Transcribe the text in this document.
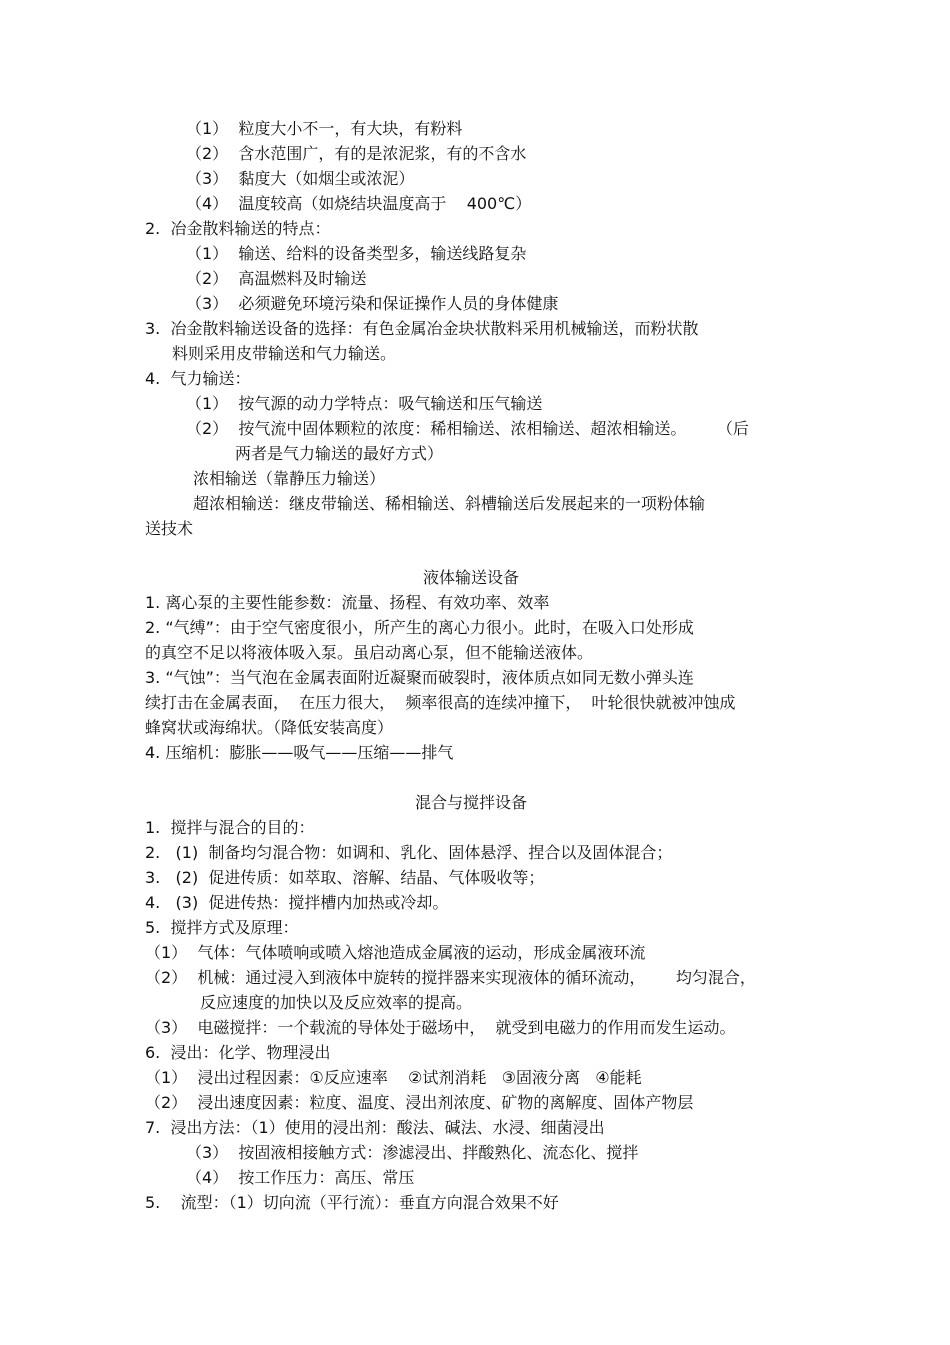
（1）  粒度大小不一，有大块，有粉料
（2）  含水范围广，有的是浓泥浆，有的不含水
（3）  黏度大（如烟尘或浓泥）
（4）  温度较高（如烧结块温度高于    400℃）
2.  冶金散料输送的特点：
（1）  输送、给料的设备类型多，输送线路复杂
（2）  高温燃料及时输送
（3）  必须避免环境污染和保证操作人员的身体健康
3.  冶金散料输送设备的选择：有色金属冶金块状散料采用机械输送，而粉状散
料则采用皮带输送和气力输送。
4.  气力输送：
（1）  按气源的动力学特点：吸气输送和压气输送
（2）  按气流中固体颗粒的浓度：稀相输送、浓相输送、超浓相输送。      （后
两者是气力输送的最好方式）
浓相输送（靠静压力输送）
超浓相输送：继皮带输送、稀相输送、斜槽输送后发展起来的一项粉体输
送技术
液体输送设备
1. 离心泵的主要性能参数：流量、扬程、有效功率、效率
2. “气缚”：由于空气密度很小，所产生的离心力很小。此时，在吸入口处形成
的真空不足以将液体吸入泵。虽启动离心泵，但不能输送液体。
3. “气蚀”：当气泡在金属表面附近凝聚而破裂时，液体质点如同无数小弹头连
续打击在金属表面，  在压力很大，  频率很高的连续冲撞下，  叶轮很快就被冲蚀成
蜂窝状或海绵状。（降低安装高度）
4. 压缩机：膨胀——吸气——压缩——排气
混合与搅拌设备
1.  搅拌与混合的目的：
2.   (1)  制备均匀混合物：如调和、乳化、固体悬浮、捏合以及固体混合；
3.   (2)  促进传质：如萃取、溶解、结晶、气体吸收等；
4.   (3)  促进传热：搅拌槽内加热或冷却。
5.  搅拌方式及原理：
（1）  气体：气体喷响或喷入熔池造成金属液的运动，形成金属液环流
（2）  机械：通过浸入到液体中旋转的搅拌器来实现液体的循环流动，      均匀混合，
反应速度的加快以及反应效率的提高。
（3）  电磁搅拌：一个载流的导体处于磁场中，  就受到电磁力的作用而发生运动。
6.  浸出：化学、物理浸出
（1）  浸出过程因素：①反应速率    ②试剂消耗   ③固液分离   ④能耗
（2）  浸出速度因素：粒度、温度、浸出剂浓度、矿物的离解度、固体产物层
7.  浸出方法：（1）使用的浸出剂：酸法、碱法、水浸、细菌浸出
（3）  按固液相接触方式：渗滤浸出、拌酸熟化、流态化、搅拌
（4）  按工作压力：高压、常压
5.    流型：（1）切向流（平行流）：垂直方向混合效果不好
